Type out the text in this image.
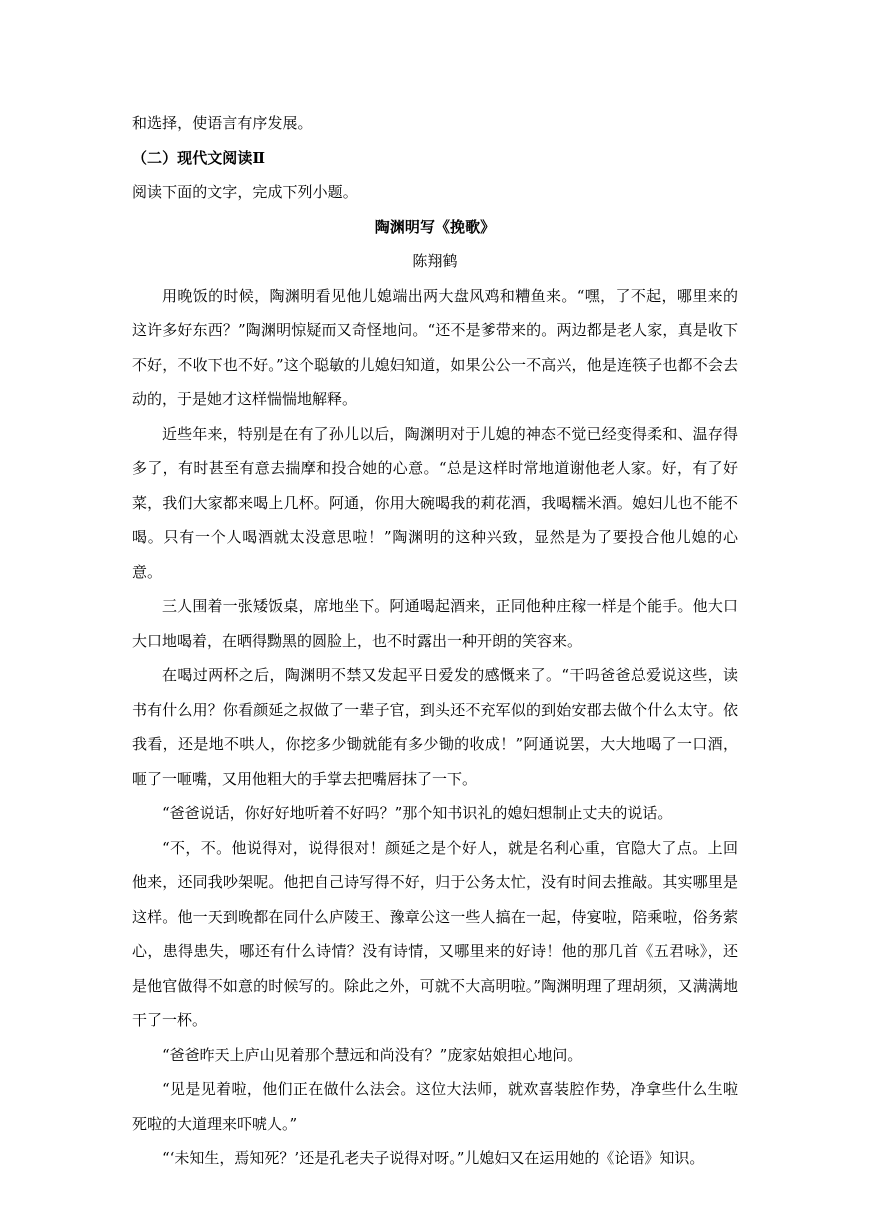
和选择，使语言有序发展。
（二）现代文阅读Ⅱ
阅读下面的文字，完成下列小题。
陶渊明写《挽歌》
陈翔鹤

用晚饭的时候，陶渊明看见他儿媳端出两大盘风鸡和糟鱼来。“嘿，了不起，哪里来的这许多好东西？”陶渊明惊疑而又奇怪地问。“还不是爹带来的。两边都是老人家，真是收下不好，不收下也不好。”这个聪敏的儿媳妇知道，如果公公一不高兴，他是连筷子也都不会去动的，于是她才这样惴惴地解释。

近些年来，特别是在有了孙儿以后，陶渊明对于儿媳的神态不觉已经变得柔和、温存得多了，有时甚至有意去揣摩和投合她的心意。“总是这样时常地道谢他老人家。好，有了好菜，我们大家都来喝上几杯。阿通，你用大碗喝我的莉花酒，我喝糯米酒。媳妇儿也不能不喝。只有一个人喝酒就太没意思啦！”陶渊明的这种兴致，显然是为了要投合他儿媳的心意。

三人围着一张矮饭桌，席地坐下。阿通喝起酒来，正同他种庄稼一样是个能手。他大口大口地喝着，在晒得黝黑的圆脸上，也不时露出一种开朗的笑容来。

在喝过两杯之后，陶渊明不禁又发起平日爱发的感慨来了。“干吗爸爸总爱说这些，读书有什么用？你看颜延之叔做了一辈子官，到头还不充军似的到始安郡去做个什么太守。依我看，还是地不哄人，你挖多少锄就能有多少锄的收成！”阿通说罢，大大地喝了一口酒，咂了一咂嘴，又用他粗大的手掌去把嘴唇抹了一下。

“爸爸说话，你好好地听着不好吗？”那个知书识礼的媳妇想制止丈夫的说话。

“不，不。他说得对，说得很对！颜延之是个好人，就是名利心重，官隐大了点。上回他来，还同我吵架呢。他把自己诗写得不好，归于公务太忙，没有时间去推敲。其实哪里是这样。他一天到晚都在同什么庐陵王、豫章公这一些人搞在一起，侍宴啦，陪乘啦，俗务萦心，患得患失，哪还有什么诗情？没有诗情，又哪里来的好诗！他的那几首《五君咏》，还是他官做得不如意的时候写的。除此之外，可就不大高明啦。”陶渊明理了理胡须，又满满地干了一杯。

“爸爸昨天上庐山见着那个慧远和尚没有？”庞家姑娘担心地问。

“见是见着啦，他们正在做什么法会。这位大法师，就欢喜装腔作势，净拿些什么生啦死啦的大道理来吓唬人。”

“‘未知生，焉知死？’还是孔老夫子说得对呀。”儿媳妇又在运用她的《论语》知识。
